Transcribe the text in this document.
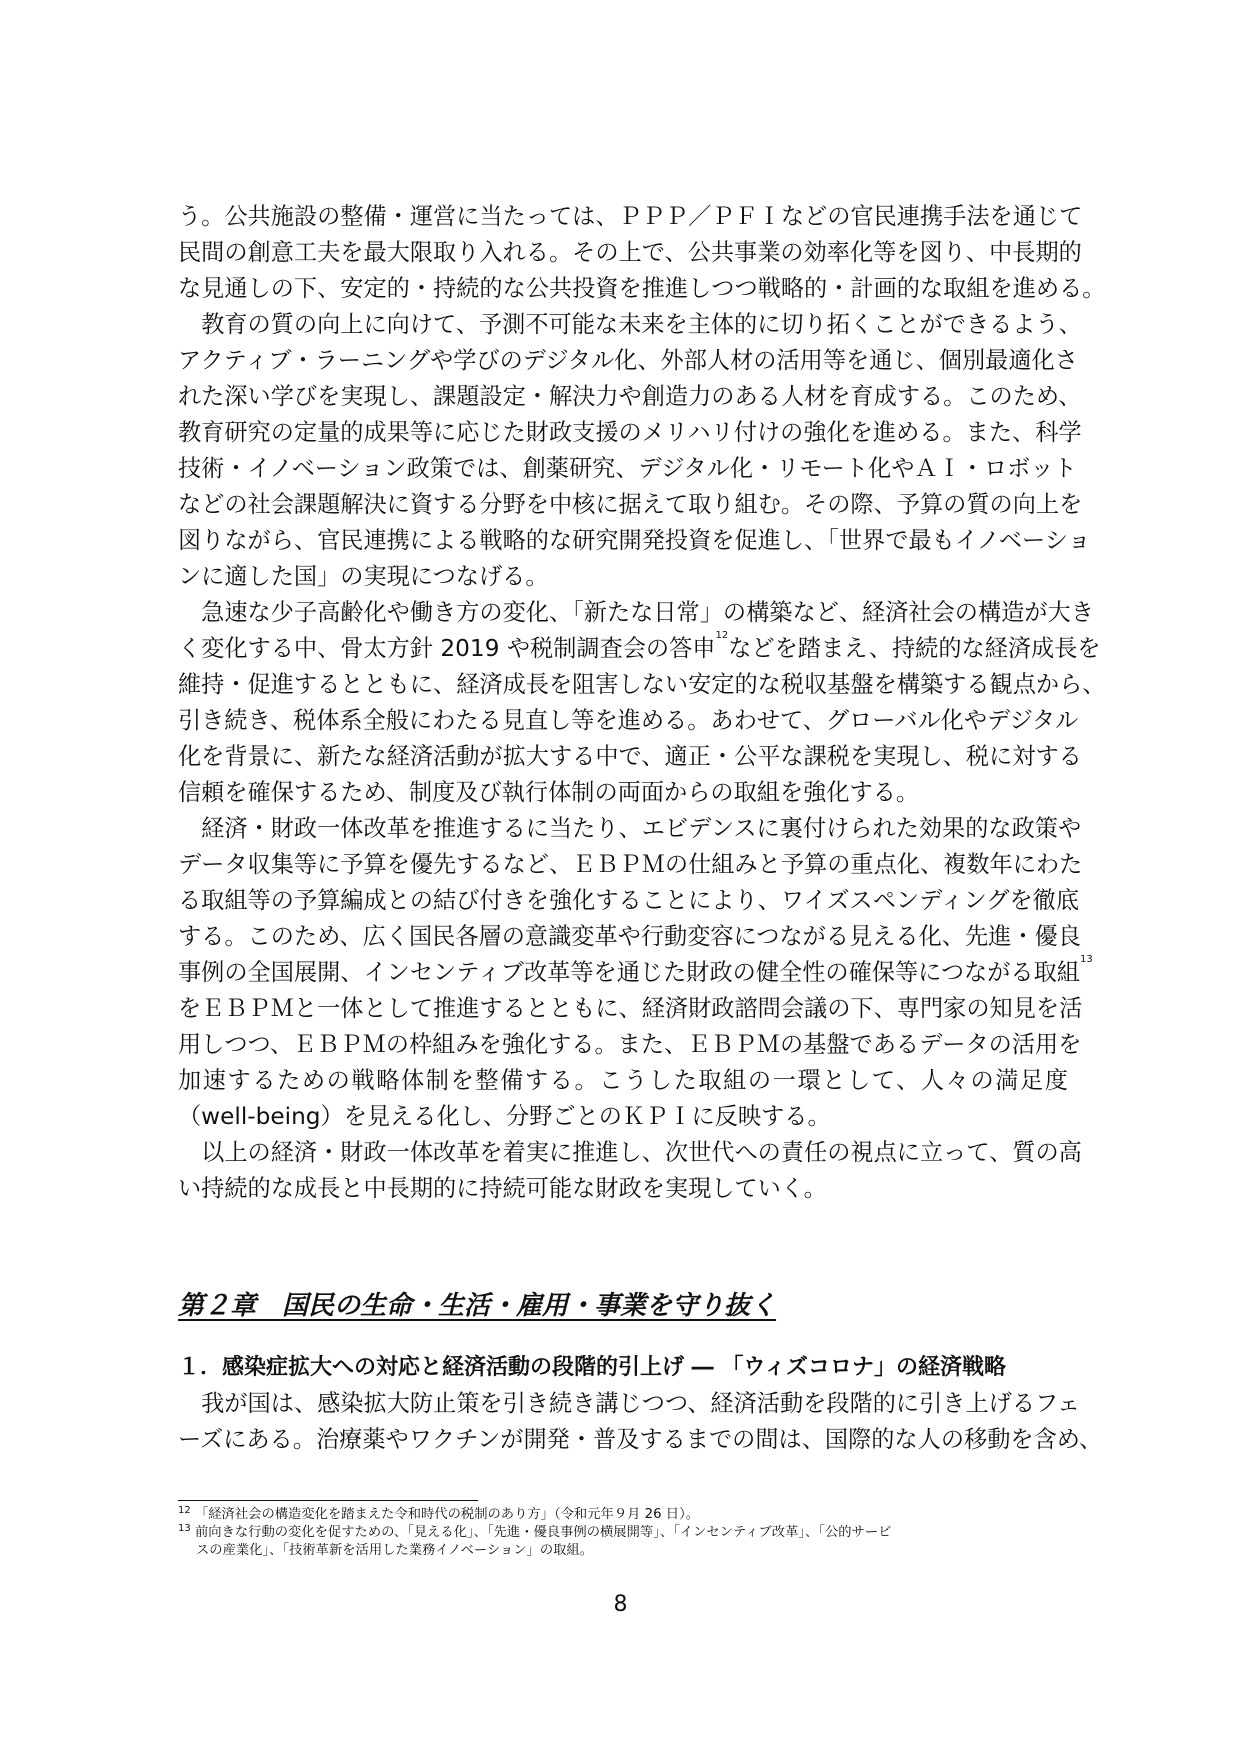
う。公共施設の整備・運営に当たっては、ＰＰＰ／ＰＦＩなどの官民連携手法を通じて
民間の創意工夫を最大限取り入れる。その上で、公共事業の効率化等を図り、中長期的
な見通しの下、安定的・持続的な公共投資を推進しつつ戦略的・計画的な取組を進める。
　教育の質の向上に向けて、予測不可能な未来を主体的に切り拓くことができるよう、
アクティブ・ラーニングや学びのデジタル化、外部人材の活用等を通じ、個別最適化さ
れた深い学びを実現し、課題設定・解決力や創造力のある人材を育成する。このため、
教育研究の定量的成果等に応じた財政支援のメリハリ付けの強化を進める。また、科学
技術・イノベーション政策では、創薬研究、デジタル化・リモート化やＡＩ・ロボット
などの社会課題解決に資する分野を中核に据えて取り組む。その際、予算の質の向上を
図りながら、官民連携による戦略的な研究開発投資を促進し、「世界で最もイノベーショ
ンに適した国」の実現につなげる。
　急速な少子高齢化や働き方の変化、「新たな日常」の構築など、経済社会の構造が大き
く変化する中、骨太方針 2019 や税制調査会の答申$^{12}$などを踏まえ、持続的な経済成長を
維持・促進するとともに、経済成長を阻害しない安定的な税収基盤を構築する観点から、
引き続き、税体系全般にわたる見直し等を進める。あわせて、グローバル化やデジタル
化を背景に、新たな経済活動が拡大する中で、適正・公平な課税を実現し、税に対する
信頼を確保するため、制度及び執行体制の両面からの取組を強化する。
　経済・財政一体改革を推進するに当たり、エビデンスに裏付けられた効果的な政策や
データ収集等に予算を優先するなど、ＥＢＰＭの仕組みと予算の重点化、複数年にわた
る取組等の予算編成との結び付きを強化することにより、ワイズスペンディングを徹底
する。このため、広く国民各層の意識変革や行動変容につながる見える化、先進・優良
事例の全国展開、インセンティブ改革等を通じた財政の健全性の確保等につながる取組$^{13}$
をＥＢＰＭと一体として推進するとともに、経済財政諮問会議の下、専門家の知見を活
用しつつ、ＥＢＰＭの枠組みを強化する。また、ＥＢＰＭの基盤であるデータの活用を
加速するための戦略体制を整備する。こうした取組の一環として、人々の満足度
（well-being）を見える化し、分野ごとのＫＰＩに反映する。
　以上の経済・財政一体改革を着実に推進し、次世代への責任の視点に立って、質の高
い持続的な成長と中長期的に持続可能な財政を実現していく。
第２章　国民の生命・生活・雇用・事業を守り抜く
１．感染症拡大への対応と経済活動の段階的引上げ ― 「ウィズコロナ」の経済戦略
　我が国は、感染拡大防止策を引き続き講じつつ、経済活動を段階的に引き上げるフェ
ーズにある。治療薬やワクチンが開発・普及するまでの間は、国際的な人の移動を含め、
$^{12}$ 「経済社会の構造変化を踏まえた令和時代の税制のあり方」（令和元年９月 26 日）。
$^{13}$ 前向きな行動の変化を促すための、「見える化」、「先進・優良事例の横展開等」、「インセンティブ改革」、「公的サービ
スの産業化」、「技術革新を活用した業務イノベーション」の取組。
8
